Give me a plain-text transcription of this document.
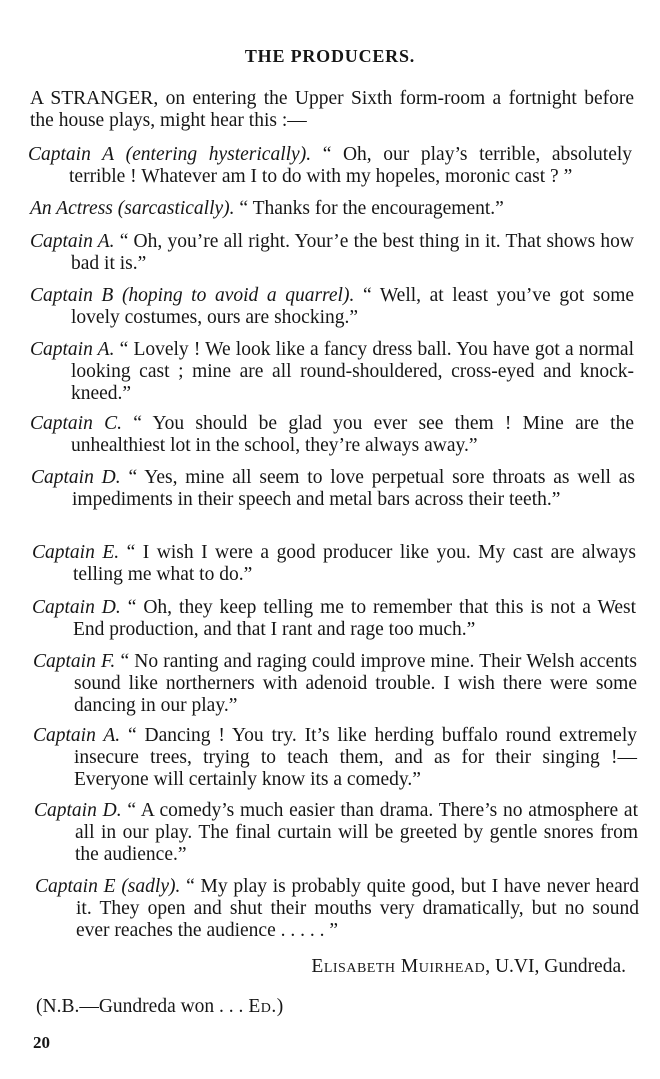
THE PRODUCERS.
A STRANGER, on entering the Upper Sixth form-room a fortnight before the house plays, might hear this :—

Captain A (entering hysterically). “ Oh, our play’s terrible, absolutely terrible ! Whatever am I to do with my hopeles, moronic cast ? ”

An Actress (sarcastically). “ Thanks for the encouragement.”

Captain A. “ Oh, you’re all right. Your’e the best thing in it. That shows how bad it is.”

Captain B (hoping to avoid a quarrel). “ Well, at least you’ve got some lovely costumes, ours are shocking.”

Captain A. “ Lovely ! We look like a fancy dress ball. You have got a normal looking cast ; mine are all round-shouldered, cross-eyed and knock-kneed.”

Captain C. “ You should be glad you ever see them ! Mine are the unhealthiest lot in the school, they’re always away.”

Captain D. “ Yes, mine all seem to love perpetual sore throats as well as impediments in their speech and metal bars across their teeth.”

Captain E. “ I wish I were a good producer like you. My cast are always telling me what to do.”

Captain D. “ Oh, they keep telling me to remember that this is not a West End production, and that I rant and rage too much.”

Captain F. “ No ranting and raging could improve mine. Their Welsh accents sound like northerners with adenoid trouble. I wish there were some dancing in our play.”

Captain A. “ Dancing ! You try. It’s like herding buffalo round extremely insecure trees, trying to teach them, and as for their singing !—Everyone will certainly know its a comedy.”

Captain D. “ A comedy’s much easier than drama. There’s no atmosphere at all in our play. The final curtain will be greeted by gentle snores from the audience.”

Captain E (sadly). “ My play is probably quite good, but I have never heard it. They open and shut their mouths very dramatically, but no sound ever reaches the audience . . . . . ”

Elisabeth Muirhead, U.VI, Gundreda.
(N.B.—Gundreda won . . . Ed.)
20
